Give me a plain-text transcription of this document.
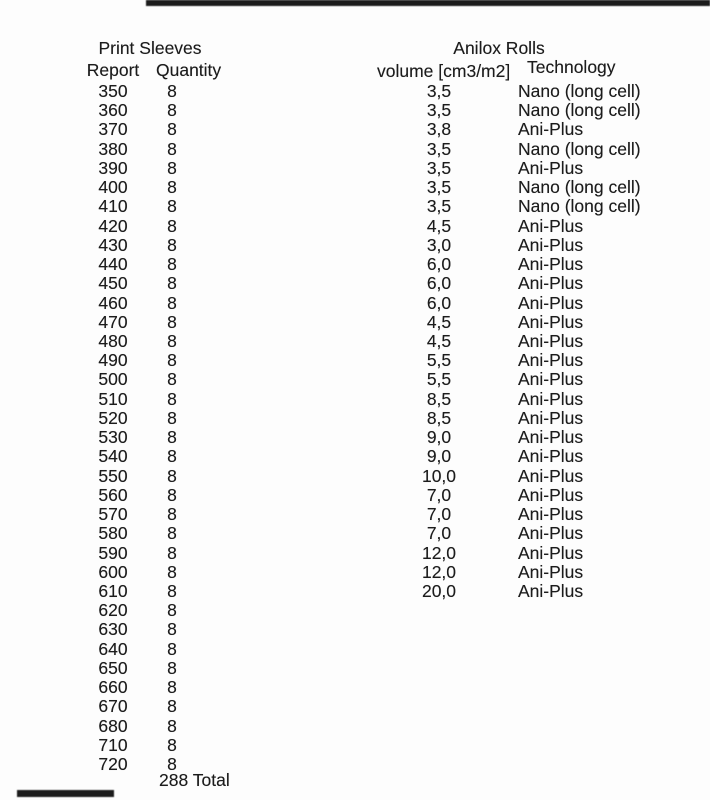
Print Sleeves
Report Quantity
Anilox Rolls
volume [cm3/m2] Technology
350	8	3,5	Nano (long cell)
360	8	3,5	Nano (long cell)
370	8	3,8	Ani-Plus
380	8	3,5	Nano (long cell)
390	8	3,5	Ani-Plus
400	8	3,5	Nano (long cell)
410	8	3,5	Nano (long cell)
420	8	4,5	Ani-Plus
430	8	3,0	Ani-Plus
440	8	6,0	Ani-Plus
450	8	6,0	Ani-Plus
460	8	6,0	Ani-Plus
470	8	4,5	Ani-Plus
480	8	4,5	Ani-Plus
490	8	5,5	Ani-Plus
500	8	5,5	Ani-Plus
510	8	8,5	Ani-Plus
520	8	8,5	Ani-Plus
530	8	9,0	Ani-Plus
540	8	9,0	Ani-Plus
550	8	10,0	Ani-Plus
560	8	7,0	Ani-Plus
570	8	7,0	Ani-Plus
580	8	7,0	Ani-Plus
590	8	12,0	Ani-Plus
600	8	12,0	Ani-Plus
610	8	20,0	Ani-Plus
620	8
630	8
640	8
650	8
660	8
670	8
680	8
710	8
720	8
288 Total
